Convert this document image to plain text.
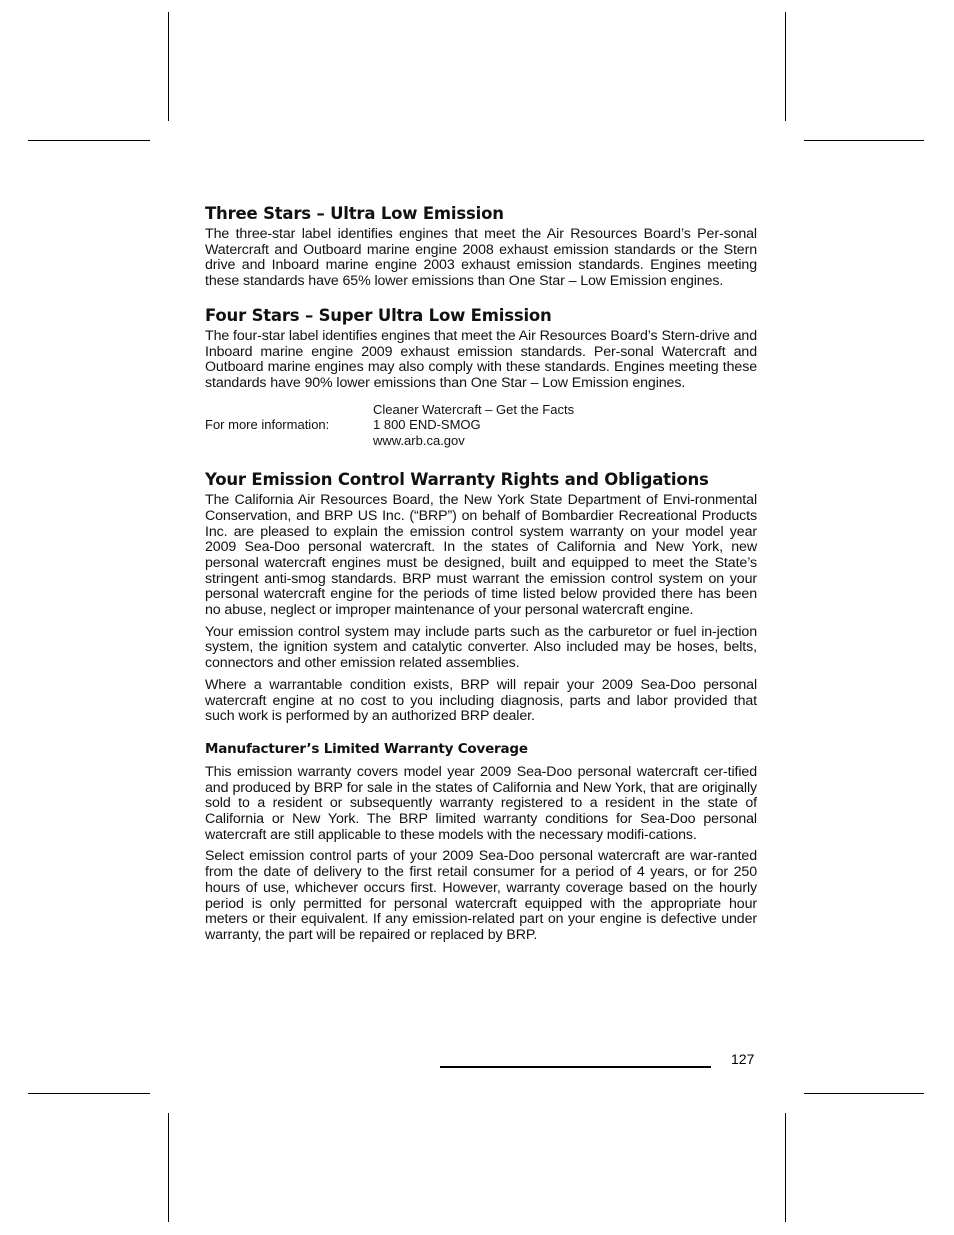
Three Stars – Ultra Low Emission

The three-star label identifies engines that meet the Air Resources Board’s Per-sonal Watercraft and Outboard marine engine 2008 exhaust emission standards or the Stern drive and Inboard marine engine 2003 exhaust emission standards. Engines meeting these standards have 65% lower emissions than One Star – Low Emission engines.

Four Stars – Super Ultra Low Emission

The four-star label identifies engines that meet the Air Resources Board’s Stern-drive and Inboard marine engine 2009 exhaust emission standards. Per-sonal Watercraft and Outboard marine engines may also comply with these standards. Engines meeting these standards have 90% lower emissions than One Star – Low Emission engines.

For more information:
Cleaner Watercraft – Get the Facts
1 800 END-SMOG
www.arb.ca.gov
Your Emission Control Warranty Rights and Obligations

The California Air Resources Board, the New York State Department of Envi-ronmental Conservation, and BRP US Inc. (“BRP”) on behalf of Bombardier Recreational Products Inc. are pleased to explain the emission control system warranty on your model year 2009 Sea-Doo personal watercraft. In the states of California and New York, new personal watercraft engines must be designed, built and equipped to meet the State’s stringent anti-smog standards. BRP must warrant the emission control system on your personal watercraft engine for the periods of time listed below provided there has been no abuse, neglect or improper maintenance of your personal watercraft engine.

Your emission control system may include parts such as the carburetor or fuel in-jection system, the ignition system and catalytic converter. Also included may be hoses, belts, connectors and other emission related assemblies.

Where a warrantable condition exists, BRP will repair your 2009 Sea-Doo personal watercraft engine at no cost to you including diagnosis, parts and labor provided that such work is performed by an authorized BRP dealer.

Manufacturer’s Limited Warranty Coverage

This emission warranty covers model year 2009 Sea-Doo personal watercraft cer-tified and produced by BRP for sale in the states of California and New York, that are originally sold to a resident or subsequently warranty registered to a resident in the state of California or New York. The BRP limited warranty conditions for Sea-Doo personal watercraft are still applicable to these models with the necessary modifi-cations.

Select emission control parts of your 2009 Sea-Doo personal watercraft are war-ranted from the date of delivery to the first retail consumer for a period of 4 years, or for 250 hours of use, whichever occurs first. However, warranty coverage based on the hourly period is only permitted for personal watercraft equipped with the appropriate hour meters or their equivalent. If any emission-related part on your engine is defective under warranty, the part will be repaired or replaced by BRP.

127
